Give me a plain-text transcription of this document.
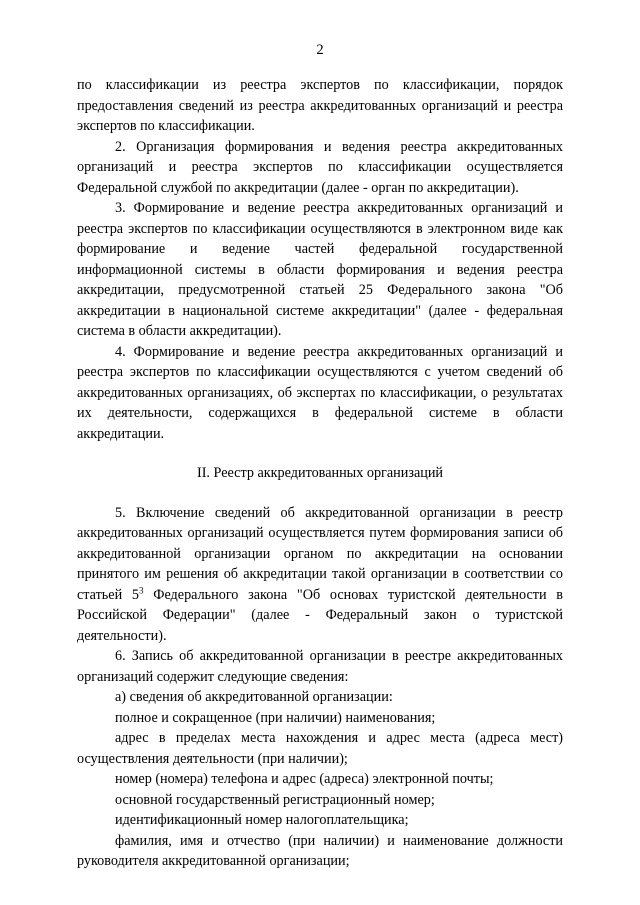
2

по классификации из реестра экспертов по классификации, порядок предоставления сведений из реестра аккредитованных организаций и реестра экспертов по классификации.

2. Организация формирования и ведения реестра аккредитованных организаций и реестра экспертов по классификации осуществляется Федеральной службой по аккредитации (далее - орган по аккредитации).

3. Формирование и ведение реестра аккредитованных организаций и реестра экспертов по классификации осуществляются в электронном виде как формирование и ведение частей федеральной государственной информационной системы в области формирования и ведения реестра аккредитации, предусмотренной статьей 25 Федерального закона "Об аккредитации в национальной системе аккредитации" (далее - федеральная система в области аккредитации).

4. Формирование и ведение реестра аккредитованных организаций и реестра экспертов по классификации осуществляются с учетом сведений об аккредитованных организациях, об экспертах по классификации, о результатах их деятельности, содержащихся в федеральной системе в области аккредитации.

II. Реестр аккредитованных организаций

5. Включение сведений об аккредитованной организации в реестр аккредитованных организаций осуществляется путем формирования записи об аккредитованной организации органом по аккредитации на основании принятого им решения об аккредитации такой организации в соответствии со статьей $5^3$ Федерального закона "Об основах туристской деятельности в Российской Федерации" (далее - Федеральный закон о туристской деятельности).

6. Запись об аккредитованной организации в реестре аккредитованных организаций содержит следующие сведения:

а) сведения об аккредитованной организации:

полное и сокращенное (при наличии) наименования;

адрес в пределах места нахождения и адрес места (адреса мест) осуществления деятельности (при наличии);

номер (номера) телефона и адрес (адреса) электронной почты;

основной государственный регистрационный номер;

идентификационный номер налогоплательщика;

фамилия, имя и отчество (при наличии) и наименование должности руководителя аккредитованной организации;
